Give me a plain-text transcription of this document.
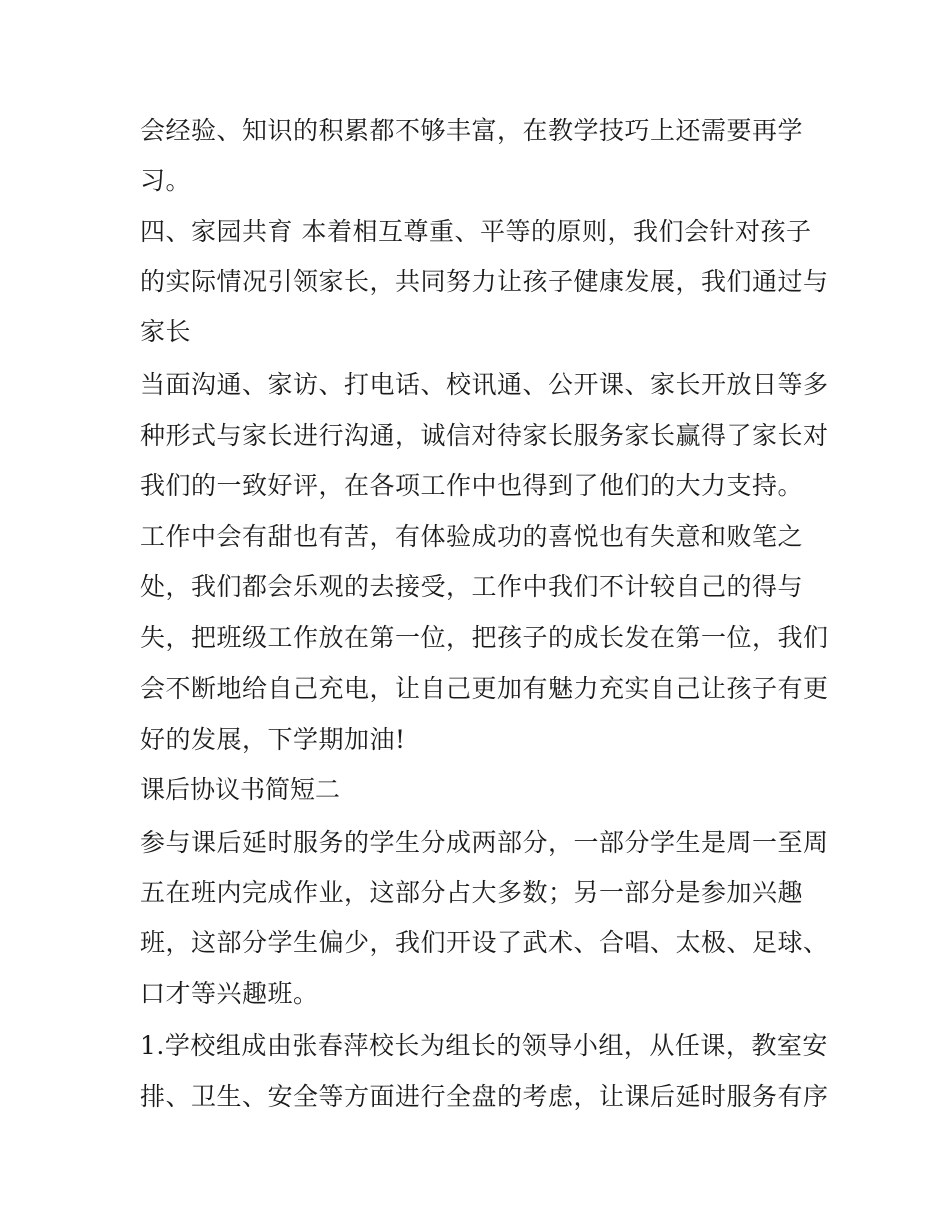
会经验、知识的积累都不够丰富，在教学技巧上还需要再学
习。
四、家园共育 本着相互尊重、平等的原则，我们会针对孩子
的实际情况引领家长，共同努力让孩子健康发展，我们通过与
家长
当面沟通、家访、打电话、校讯通、公开课、家长开放日等多
种形式与家长进行沟通，诚信对待家长服务家长赢得了家长对
我们的一致好评，在各项工作中也得到了他们的大力支持。
工作中会有甜也有苦，有体验成功的喜悦也有失意和败笔之
处，我们都会乐观的去接受，工作中我们不计较自己的得与
失，把班级工作放在第一位，把孩子的成长发在第一位，我们
会不断地给自己充电，让自己更加有魅力充实自己让孩子有更
好的发展，下学期加油!
课后协议书简短二
参与课后延时服务的学生分成两部分，一部分学生是周一至周
五在班内完成作业，这部分占大多数；另一部分是参加兴趣
班，这部分学生偏少，我们开设了武术、合唱、太极、足球、
口才等兴趣班。
1.学校组成由张春萍校长为组长的领导小组，从任课，教室安
排、卫生、安全等方面进行全盘的考虑，让课后延时服务有序
